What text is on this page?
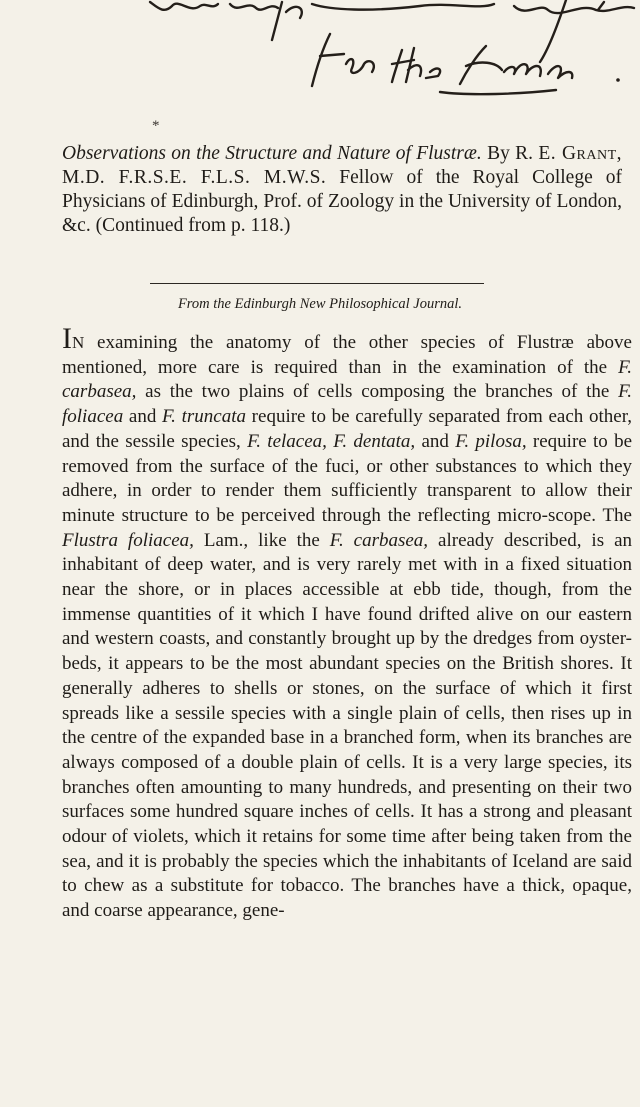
*
Observations on the Structure and Nature of Flustræ. By R. E. Grant, M.D. F.R.S.E. F.L.S. M.W.S. Fellow of the Royal College of Physicians of Edinburgh, Prof. of Zoology in the University of London, &c. (Continued from p. 118.)
From the Edinburgh New Philosophical Journal.

IN examining the anatomy of the other species of Flustræ above mentioned, more care is required than in the examination of the F. carbasea, as the two plains of cells composing the branches of the F. foliacea and F. truncata require to be carefully separated from each other, and the sessile species, F. telacea, F. dentata, and F. pilosa, require to be removed from the surface of the fuci, or other substances to which they adhere, in order to render them sufficiently transparent to allow their minute structure to be perceived through the reflecting micro-scope. The Flustra foliacea, Lam., like the F. carbasea, already described, is an inhabitant of deep water, and is very rarely met with in a fixed situation near the shore, or in places accessible at ebb tide, though, from the immense quantities of it which I have found drifted alive on our eastern and western coasts, and constantly brought up by the dredges from oyster-beds, it appears to be the most abundant species on the British shores. It generally adheres to shells or stones, on the surface of which it first spreads like a sessile species with a single plain of cells, then rises up in the centre of the expanded base in a branched form, when its branches are always composed of a double plain of cells. It is a very large species, its branches often amounting to many hundreds, and presenting on their two surfaces some hundred square inches of cells. It has a strong and pleasant odour of violets, which it retains for some time after being taken from the sea, and it is probably the species which the inhabitants of Iceland are said to chew as a substitute for tobacco. The branches have a thick, opaque, and coarse appearance, gene-
